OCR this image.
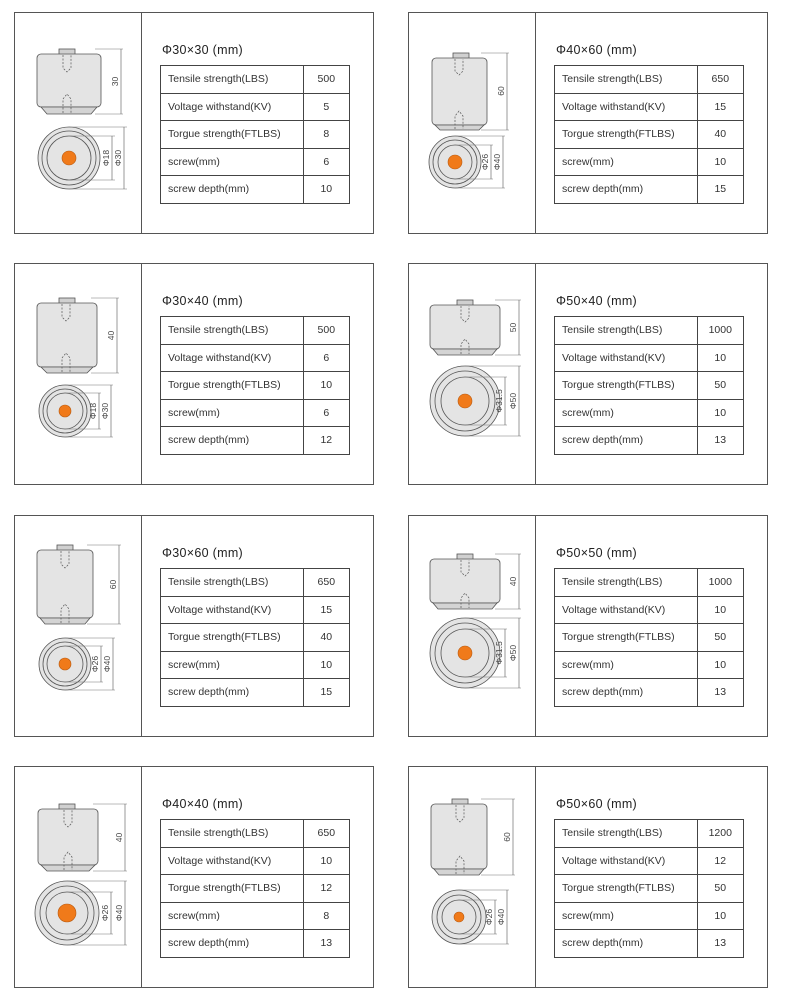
30
Φ18 Φ30
Φ30×30 (mm)
Tensile strength(LBS)	500
Voltage withstand(KV)	5
Torgue strength(FTLBS)	8
screw(mm)	6
screw depth(mm)	10
60
Φ26 Φ40
Φ40×60 (mm)
Tensile strength(LBS)	650
Voltage withstand(KV)	15
Torgue strength(FTLBS)	40
screw(mm)	10
screw depth(mm)	15
40
Φ18 Φ30
Φ30×40 (mm)
Tensile strength(LBS)	500
Voltage withstand(KV)	6
Torgue strength(FTLBS)	10
screw(mm)	6
screw depth(mm)	12
50
Φ31.5 Φ50
Φ50×40 (mm)
Tensile strength(LBS)	1000
Voltage withstand(KV)	10
Torgue strength(FTLBS)	50
screw(mm)	10
screw depth(mm)	13
60
Φ26 Φ40
Φ30×60 (mm)
Tensile strength(LBS)	650
Voltage withstand(KV)	15
Torgue strength(FTLBS)	40
screw(mm)	10
screw depth(mm)	15
40
Φ31.5 Φ50
Φ50×50 (mm)
Tensile strength(LBS)	1000
Voltage withstand(KV)	10
Torgue strength(FTLBS)	50
screw(mm)	10
screw depth(mm)	13
40
Φ26 Φ40
Φ40×40 (mm)
Tensile strength(LBS)	650
Voltage withstand(KV)	10
Torgue strength(FTLBS)	12
screw(mm)	8
screw depth(mm)	13
60
Φ26 Φ40
Φ50×60 (mm)
Tensile strength(LBS)	1200
Voltage withstand(KV)	12
Torgue strength(FTLBS)	50
screw(mm)	10
screw depth(mm)	13
